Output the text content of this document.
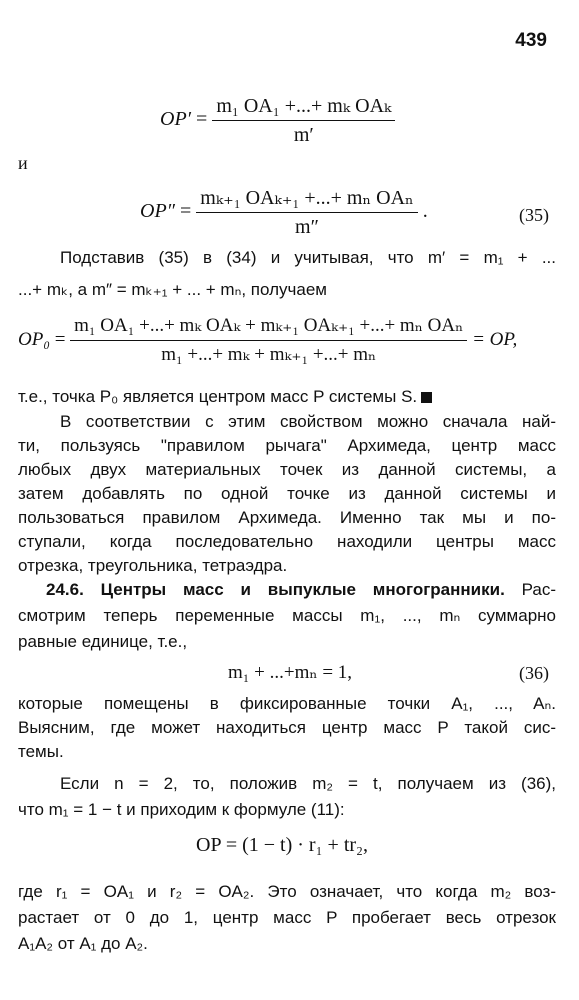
439
$OP' = \frac{\text{m₁ OA₁ +...+ mₖ OAₖ}}{m'}$
и
$OP'' = \frac{\text{mₖ₊₁ OAₖ₊₁ +...+ mₙ OAₙ}}{m''}$ .	(35)
Подставив (35) в (34) и учитывая, что m′ = m₁ + ...
...+ mₖ, а m″ = mₖ₊₁ + ... + mₙ, получаем
$OP_0 = \frac{\text{m₁ OA₁ +...+ mₖ OAₖ + mₖ₊₁ OAₖ₊₁ +...+ mₙ OAₙ}}{\text{m₁ +...+ mₖ + mₖ₊₁ +...+ mₙ}}$ = OP,
т.е., точка P₀ является центром масс P системы S.
В соответствии с этим свойством можно сначала най-
ти, пользуясь "правилом рычага" Архимеда, центр масс
любых двух материальных точек из данной системы, а
затем добавлять по одной точке из данной системы и
пользоваться правилом Архимеда. Именно так мы и по-
ступали, когда последовательно находили центры масс
отрезка, треугольника, тетраэдра.
24.6. Центры масс и выпуклые многогранники. Рас-
смотрим теперь переменные массы m₁, ..., mₙ суммарно
равные единице, т.е.,
m₁ + ...+mₙ = 1,	(36)
которые помещены в фиксированные точки A₁, ..., Aₙ.
Выясним, где может находиться центр масс P такой сис-
темы.
Если n = 2, то, положив m₂ = t, получаем из (36),
что m₁ = 1 − t и приходим к формуле (11):
OP = (1 − t) · r₁ + tr₂,
где r₁ = OA₁ и r₂ = OA₂. Это означает, что когда m₂ воз-
растает от 0 до 1, центр масс P пробегает весь отрезок
A₁A₂ от A₁ до A₂.
